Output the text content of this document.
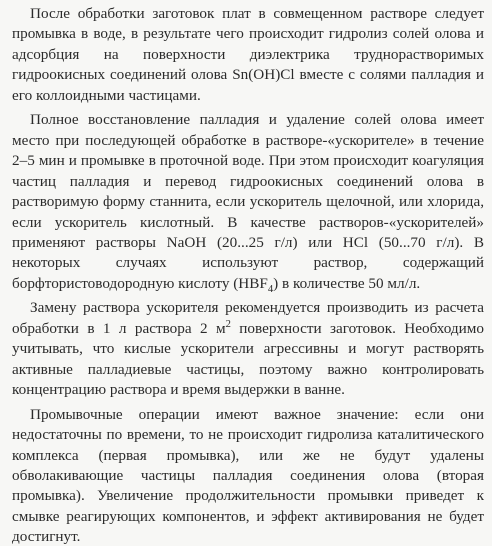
После обработки заготовок плат в совмещенном растворе следует промывка в воде, в результате чего происходит гидролиз солей олова и адсорбция на поверхности диэлектрика труднорастворимых гидроокисных соединений олова Sn(OH)Cl вместе с солями палладия и его коллоидными частицами.

Полное восстановление палладия и удаление солей олова имеет место при последующей обработке в растворе-«ускорителе» в течение 2–5 мин и промывке в проточной воде. При этом происходит коагуляция частиц палладия и перевод гидроокисных соединений олова в растворимую форму станнита, если ускоритель щелочной, или хлорида, если ускоритель кислотный. В качестве растворов-«ускорителей» применяют растворы NaOH (20...25 г/л) или HCl (50...70 г/л). В некоторых случаях используют раствор, содержащий борфтористоводородную кислоту $(HBF_4)$ в количестве 50 мл/л.

Замену раствора ускорителя рекомендуется производить из расчета обработки в 1 л раствора 2 $м^2$ поверхности заготовок. Необходимо учитывать, что кислые ускорители агрессивны и могут растворять активные палладиевые частицы, поэтому важно контролировать концентрацию раствора и время выдержки в ванне.

Промывочные операции имеют важное значение: если они недостаточны по времени, то не происходит гидролиза каталитического комплекса (первая промывка), или же не будут удалены обволакивающие частицы палладия соединения олова (вторая промывка). Увеличение продолжительности промывки приведет к смывке реагирующих компонентов, и эффект активирования не будет достигнут.
